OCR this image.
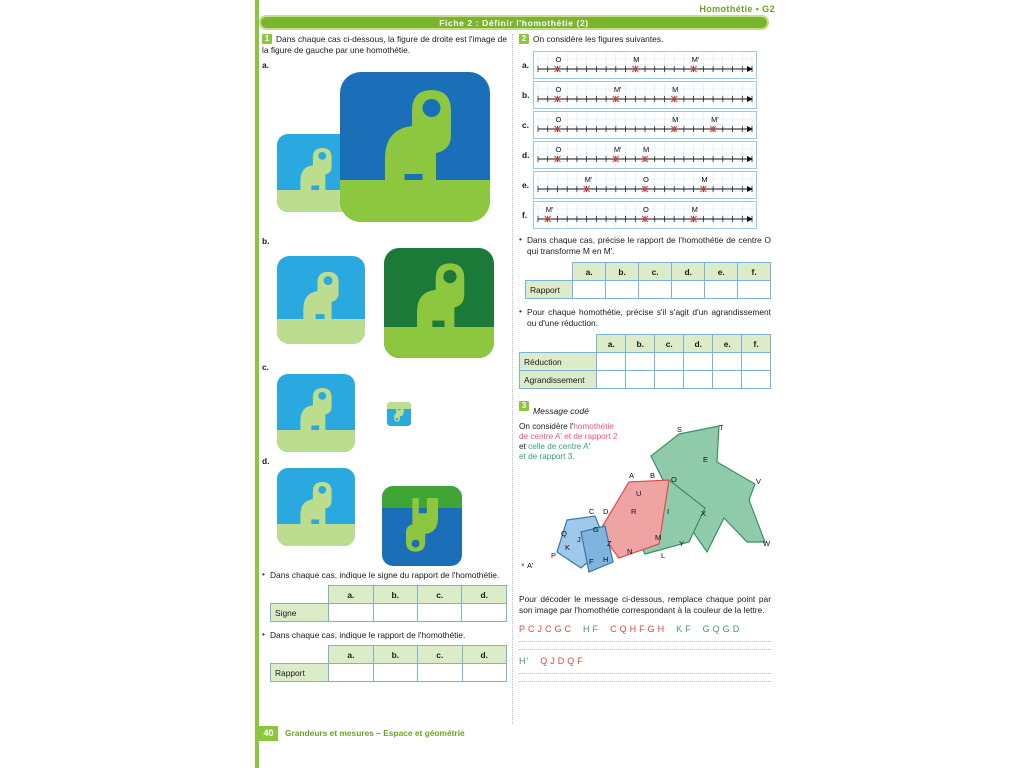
Homothétie • G2
Fiche 2 : Définir l'homothétie (2)
1 Dans chaque cas ci-dessous, la figure de droite est l'image de la figure de gauche par une homothétie.
a.
b.
c.
d.
• Dans chaque cas, indique le signe du rapport de l'homothétie.
	a.	b.	c.	d.
Signe				
• Dans chaque cas, indique le rapport de l'homothétie.
	a.	b.	c.	d.
Rapport				
2 On considère les figures suivantes.
a.
O	M	M'
b.
O	M'	M
c.
O	M	M'
d.
O	M'	M
e.
M'	O	M
f.
M'	O	M
• Dans chaque cas, précise le rapport de l'homothétie de centre O qui transforme M en M'.
	a.	b.	c.	d.	e.	f.
Rapport						
• Pour chaque homothétie, précise s'il s'agit d'un agrandissement ou d'une réduction.
	a.	b.	c.	d.	e.	f.
Réduction						
Agrandissement						
3Message codé
On considère l'homothétie
de centre A' et de rapport 2
et celle de centre A'
et de rapport 3.
S	T
E
A B O	V
U
R	I	X
C D
G
Z
M
Y	W
Q
J
K	N	L
P	H
F
A'
×
Pour décoder le message ci-dessous, remplace chaque point par son image par l'homothétie correspondant à la couleur de la lettre.
P C J C G C H F C Q H F G H K F G Q G D
H' Q J D Q F
40	Grandeurs et mesures – Espace et géométrie
